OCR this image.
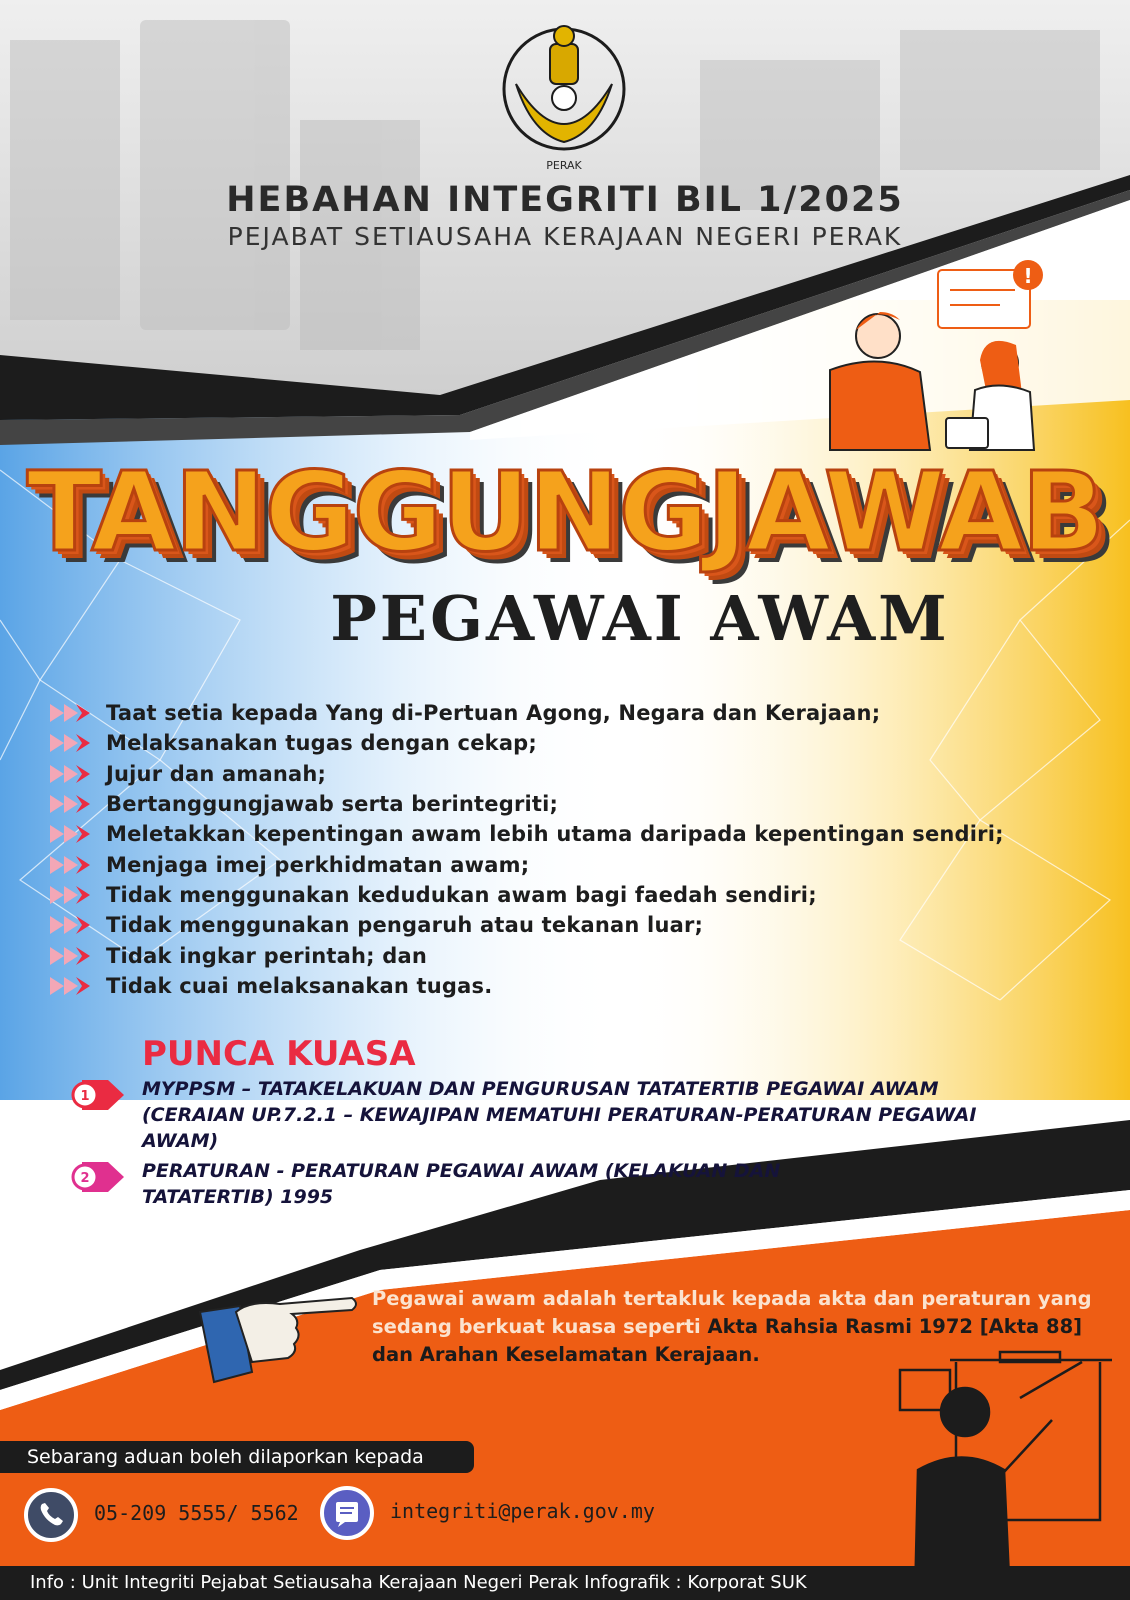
!
PERAK
HEBAHAN INTEGRITI BIL 1/2025
PEJABAT SETIAUSAHA KERAJAAN NEGERI PERAK
TANGGUNGJAWAB
PEGAWAI AWAM
Taat setia kepada Yang di-Pertuan Agong, Negara dan Kerajaan;
Melaksanakan tugas dengan cekap;
Jujur dan amanah;
Bertanggungjawab serta berintegriti;
Meletakkan kepentingan awam lebih utama daripada kepentingan sendiri;
Menjaga imej perkhidmatan awam;
Tidak menggunakan kedudukan awam bagi faedah sendiri;
Tidak menggunakan pengaruh atau tekanan luar;
Tidak ingkar perintah; dan
Tidak cuai melaksanakan tugas.
PUNCA KUASA
1	MYPPSM – TATAKELAKUAN DAN PENGURUSAN TATATERTIB PEGAWAI AWAM (CERAIAN UP.7.2.1 – KEWAJIPAN MEMATUHI PERATURAN-PERATURAN PEGAWAI AWAM)
2	PERATURAN - PERATURAN PEGAWAI AWAM (KELAKUAN DAN TATATERTIB) 1995
Pegawai awam adalah tertakluk kepada akta dan peraturan yang sedang berkuat kuasa seperti Akta Rahsia Rasmi 1972 [Akta 88] dan Arahan Keselamatan Kerajaan.
Sebarang aduan boleh dilaporkan kepada
05-209 5555/ 5562	integriti@perak.gov.my
Info : Unit Integriti Pejabat Setiausaha Kerajaan Negeri Perak Infografik : Korporat SUK
